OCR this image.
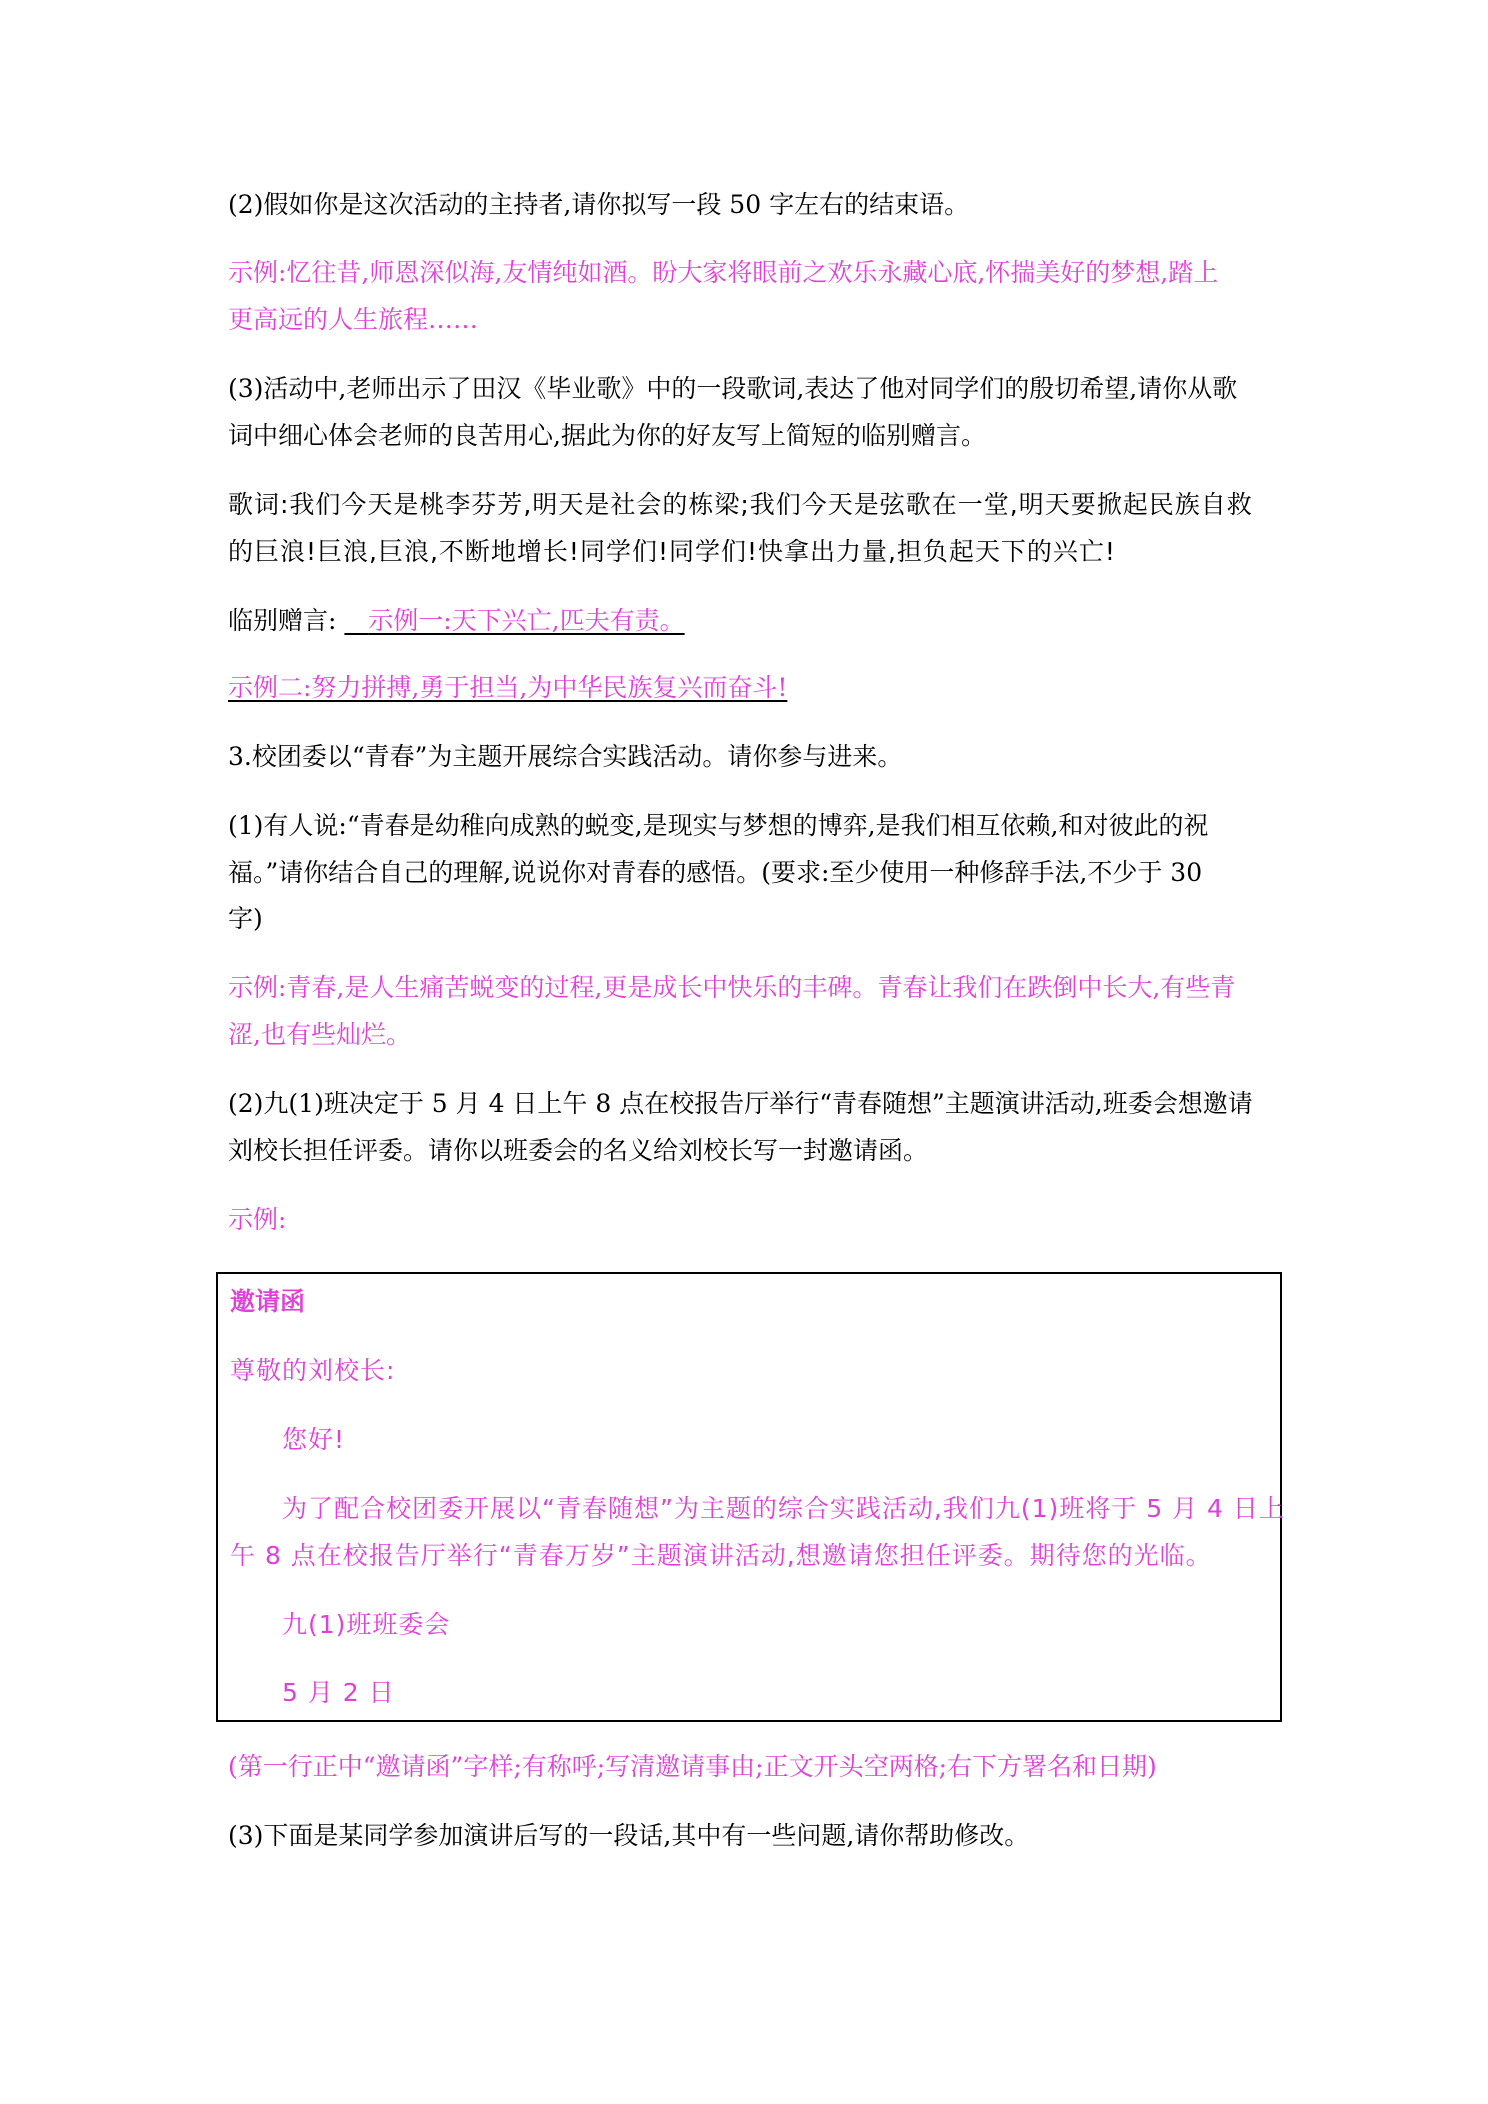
(2)假如你是这次活动的主持者,请你拟写一段 50 字左右的结束语。
示例:忆往昔,师恩深似海,友情纯如酒。盼大家将眼前之欢乐永藏心底,怀揣美好的梦想,踏上
更高远的人生旅程……
(3)活动中,老师出示了田汉《毕业歌》中的一段歌词,表达了他对同学们的殷切希望,请你从歌
词中细心体会老师的良苦用心,据此为你的好友写上简短的临别赠言。
歌词:我们今天是桃李芬芳,明天是社会的栋梁;我们今天是弦歌在一堂,明天要掀起民族自救
的巨浪!巨浪,巨浪,不断地增长!同学们!同学们!快拿出力量,担负起天下的兴亡!
临别赠言: 示例一:天下兴亡,匹夫有责。
示例二:努力拼搏,勇于担当,为中华民族复兴而奋斗!
3.校团委以“青春”为主题开展综合实践活动。请你参与进来。
(1)有人说:“青春是幼稚向成熟的蜕变,是现实与梦想的博弈,是我们相互依赖,和对彼此的祝
福。”请你结合自己的理解,说说你对青春的感悟。(要求:至少使用一种修辞手法,不少于 30
字)
示例:青春,是人生痛苦蜕变的过程,更是成长中快乐的丰碑。青春让我们在跌倒中长大,有些青
涩,也有些灿烂。
(2)九(1)班决定于 5 月 4 日上午 8 点在校报告厅举行“青春随想”主题演讲活动,班委会想邀请
刘校长担任评委。请你以班委会的名义给刘校长写一封邀请函。
示例:
邀请函
尊敬的刘校长:
您好!
为了配合校团委开展以“青春随想”为主题的综合实践活动,我们九(1)班将于 5 月 4 日上
午 8 点在校报告厅举行“青春万岁”主题演讲活动,想邀请您担任评委。期待您的光临。
九(1)班班委会
5 月 2 日
(第一行正中“邀请函”字样;有称呼;写清邀请事由;正文开头空两格;右下方署名和日期)
(3)下面是某同学参加演讲后写的一段话,其中有一些问题,请你帮助修改。
